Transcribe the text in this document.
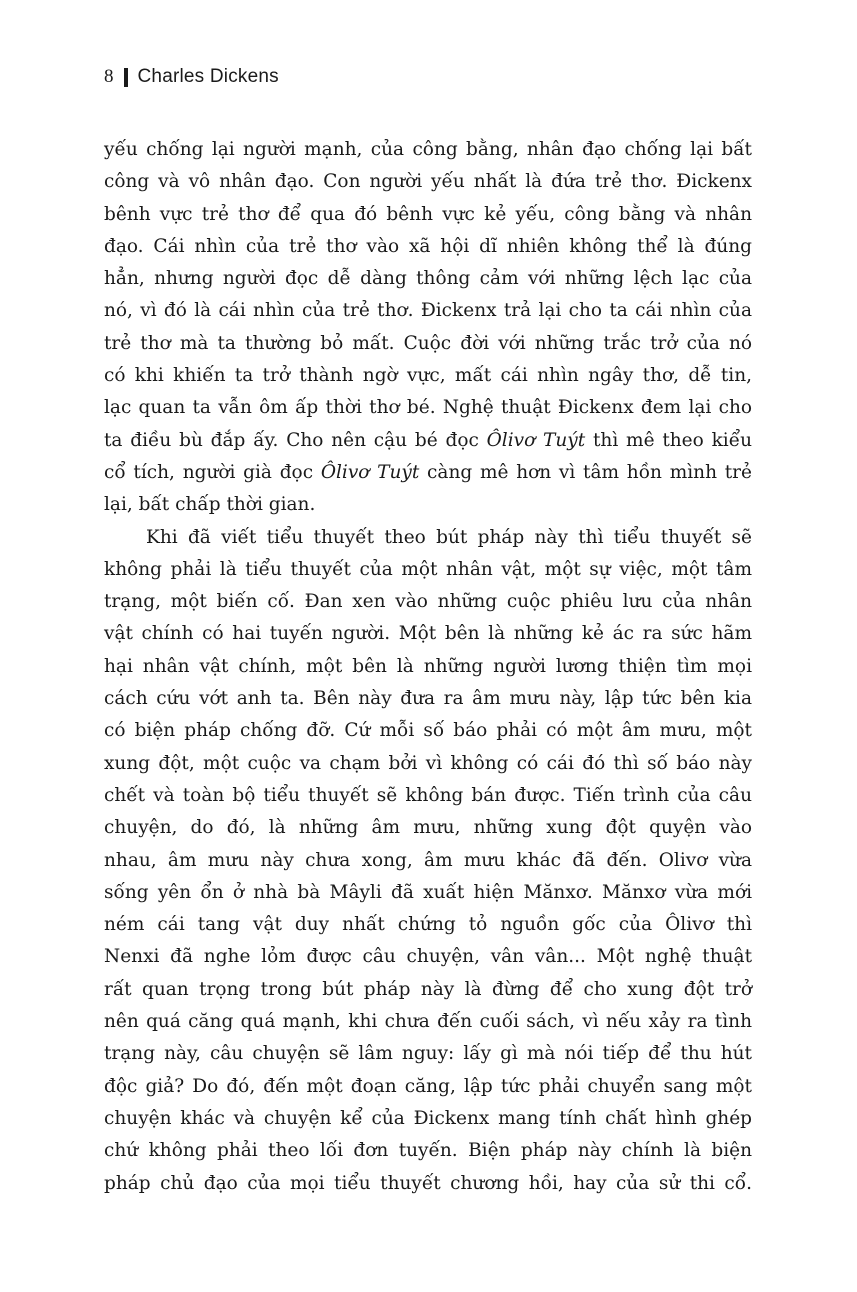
8 Charles Dickens
yếu chống lại người mạnh, của công bằng, nhân đạo chống lại bất
công và vô nhân đạo. Con người yếu nhất là đứa trẻ thơ. Đickenx
bênh vực trẻ thơ để qua đó bênh vực kẻ yếu, công bằng và nhân
đạo. Cái nhìn của trẻ thơ vào xã hội dĩ nhiên không thể là đúng
hẳn, nhưng người đọc dễ dàng thông cảm với những lệch lạc của
nó, vì đó là cái nhìn của trẻ thơ. Đickenx trả lại cho ta cái nhìn của
trẻ thơ mà ta thường bỏ mất. Cuộc đời với những trắc trở của nó
có khi khiến ta trở thành ngờ vực, mất cái nhìn ngây thơ, dễ tin,
lạc quan ta vẫn ôm ấp thời thơ bé. Nghệ thuật Đickenx đem lại cho
ta điều bù đắp ấy. Cho nên cậu bé đọc Ôlivơ Tuýt thì mê theo kiểu
cổ tích, người già đọc Ôlivơ Tuýt càng mê hơn vì tâm hồn mình trẻ
lại, bất chấp thời gian.
Khi đã viết tiểu thuyết theo bút pháp này thì tiểu thuyết sẽ
không phải là tiểu thuyết của một nhân vật, một sự việc, một tâm
trạng, một biến cố. Đan xen vào những cuộc phiêu lưu của nhân
vật chính có hai tuyến người. Một bên là những kẻ ác ra sức hãm
hại nhân vật chính, một bên là những người lương thiện tìm mọi
cách cứu vớt anh ta. Bên này đưa ra âm mưu này, lập tức bên kia
có biện pháp chống đỡ. Cứ mỗi số báo phải có một âm mưu, một
xung đột, một cuộc va chạm bởi vì không có cái đó thì số báo này
chết và toàn bộ tiểu thuyết sẽ không bán được. Tiến trình của câu
chuyện, do đó, là những âm mưu, những xung đột quyện vào
nhau, âm mưu này chưa xong, âm mưu khác đã đến. Olivơ vừa
sống yên ổn ở nhà bà Mâyli đã xuất hiện Mănxơ. Mănxơ vừa mới
ném cái tang vật duy nhất chứng tỏ nguồn gốc của Ôlivơ thì
Nenxi đã nghe lỏm được câu chuyện, vân vân... Một nghệ thuật
rất quan trọng trong bút pháp này là đừng để cho xung đột trở
nên quá căng quá mạnh, khi chưa đến cuối sách, vì nếu xảy ra tình
trạng này, câu chuyện sẽ lâm nguy: lấy gì mà nói tiếp để thu hút
độc giả? Do đó, đến một đoạn căng, lập tức phải chuyển sang một
chuyện khác và chuyện kể của Đickenx mang tính chất hình ghép
chứ không phải theo lối đơn tuyến. Biện pháp này chính là biện
pháp chủ đạo của mọi tiểu thuyết chương hồi, hay của sử thi cổ.
